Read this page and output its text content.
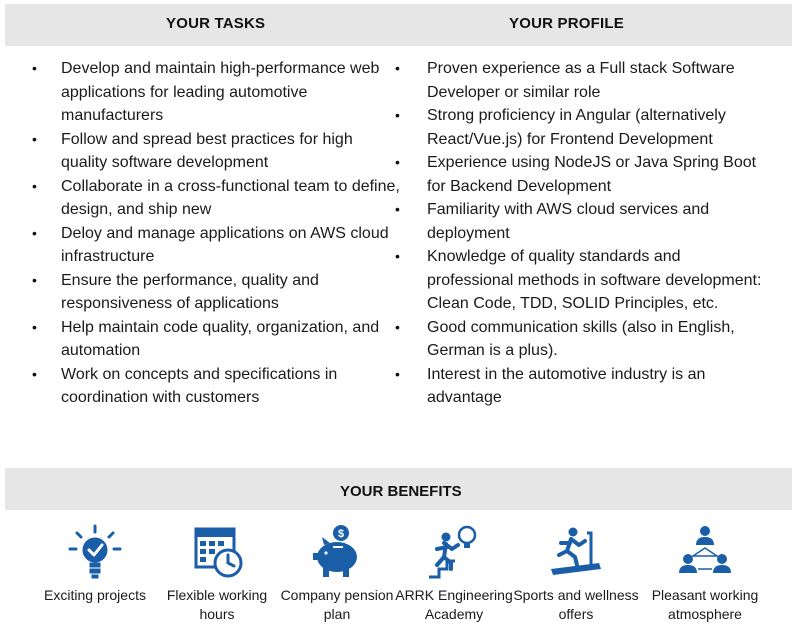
YOUR TASKS	YOUR PROFILE
• Develop and maintain high-performance web applications for leading automotive manufacturers
• Follow and spread best practices for high quality software development
• Collaborate in a cross-functional team to define, design, and ship new
• Deloy and manage applications on AWS cloud infrastructure
• Ensure the performance, quality and responsiveness of applications
• Help maintain code quality, organization, and automation
• Work on concepts and specifications in coordination with customers
• Proven experience as a Full stack Software Developer or similar role
• Strong proficiency in Angular (alternatively React/Vue.js) for Frontend Development
• Experience using NodeJS or Java Spring Boot for Backend Development
• Familiarity with AWS cloud services and deployment
• Knowledge of quality standards and professional methods in software development: Clean Code, TDD, SOLID Principles, etc.
• Good communication skills (also in English, German is a plus).
• Interest in the automotive industry is an advantage
YOUR BENEFITS
Exciting projects	Flexible working hours
$
Company pension plan
ARRK Engineering Academy
Sports and wellness offers
Pleasant working atmosphere
